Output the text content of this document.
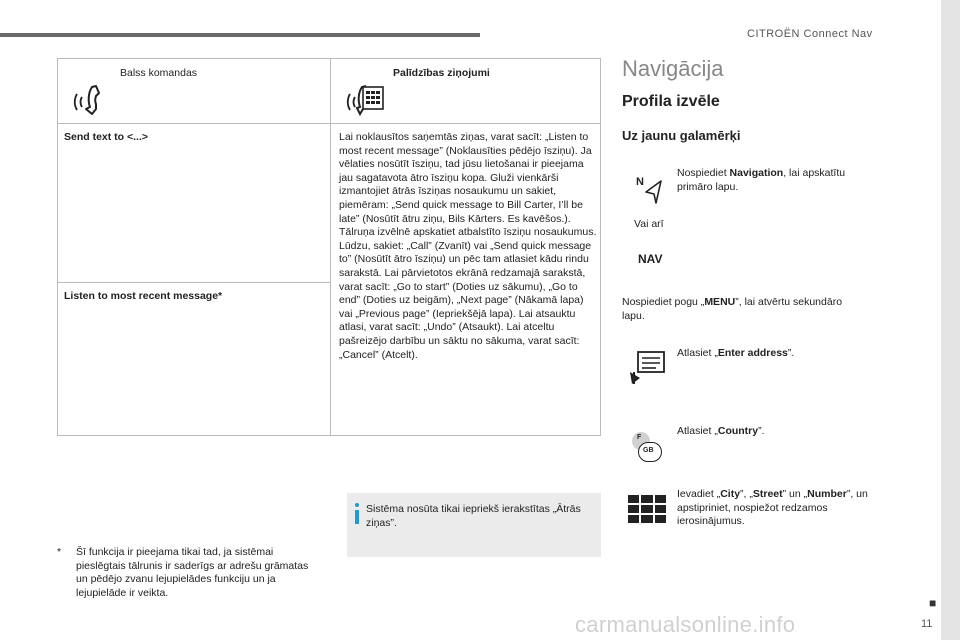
CITROËN Connect Nav
Balss komandas	Palīdzības ziņojumi
Send text to <...>
Listen to most recent message*
Lai noklausītos saņemtās ziņas, varat sacīt: „Listen to most recent message” (Noklausīties pēdējo īsziņu). Ja vēlaties nosūtīt īsziņu, tad jūsu lietošanai ir pieejama jau sagatavota ātro īsziņu kopa. Gluži vienkārši izmantojiet ātrās īsziņas nosaukumu un sakiet, piemēram: „Send quick message to Bill Carter, I’ll be late” (Nosūtīt ātru ziņu, Bils Kārters. Es kavēšos.). Tālruņa izvēlnē apskatiet atbalstīto īsziņu nosaukumus.
Lūdzu, sakiet: „Call” (Zvanīt) vai „Send quick message to” (Nosūtīt ātro īsziņu) un pēc tam atlasiet kādu rindu sarakstā. Lai pārvietotos ekrānā redzamajā sarakstā, varat sacīt: „Go to start” (Doties uz sākumu), „Go to end” (Doties uz beigām), „Next page” (Nākamā lapa) vai „Previous page” (Iepriekšējā lapa). Lai atsauktu atlasi, varat sacīt: „Undo” (Atsaukt). Lai atceltu pašreizējo darbību un sāktu no sākuma, varat sacīt: „Cancel” (Atcelt).
Sistēma nosūta tikai iepriekš ierakstītas „Ātrās ziņas”.
* Šī funkcija ir pieejama tikai tad, ja sistēmai pieslēgtais tālrunis ir saderīgs ar adrešu grāmatas un pēdējo zvanu lejupielādes funkciju un ja lejupielāde ir veikta.
Navigācija
Profila izvēle
Uz jaunu galamērķi
N
Nospiediet Navigation, lai apskatītu primāro lapu.
Vai arī
NAV
Nospiediet pogu „MENU”, lai atvērtu sekundāro lapu.
Atlasiet „Enter address”.
F
GB
Atlasiet „Country”.
Ievadiet „City”, „Street” un „Number”, un apstipriniet, nospiežot redzamos ierosinājumus.
carmanualsonline.info
■
11
